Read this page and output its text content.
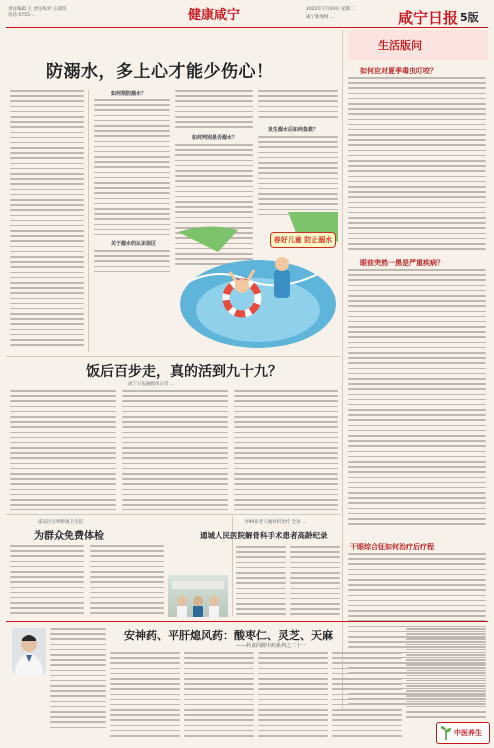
责任编辑 王 责任校对 王淑琪
电话 0755-...	健康咸宁	2022年7月19日 星期二
咸宁新闻网 ...	咸宁日报 5版
防溺水，多上心才能少伤心！
如何预防溺水？
关于溺水的认识误区
如何判别是否溺水？
发生溺水后如何急救？
春好儿童 防止溺水
生活版问
如何应对夏季毒虫叮咬？
眼前突然一黑是严重疾病？
干眼综合征如何治疗后疗程
饭后百步走，真的活到九十九？
咸宁日报融媒体记者 ...
咸安区官埠桥镇卫生院
为群众免费体检
为99岁老人做骨折治疗 全县 ...
通城人民医院解骨科手术患者高龄纪录
安神药、平肝熄风药：酸枣仁、灵芝、天麻
——药食同源中药系列之二十一
中医养生
